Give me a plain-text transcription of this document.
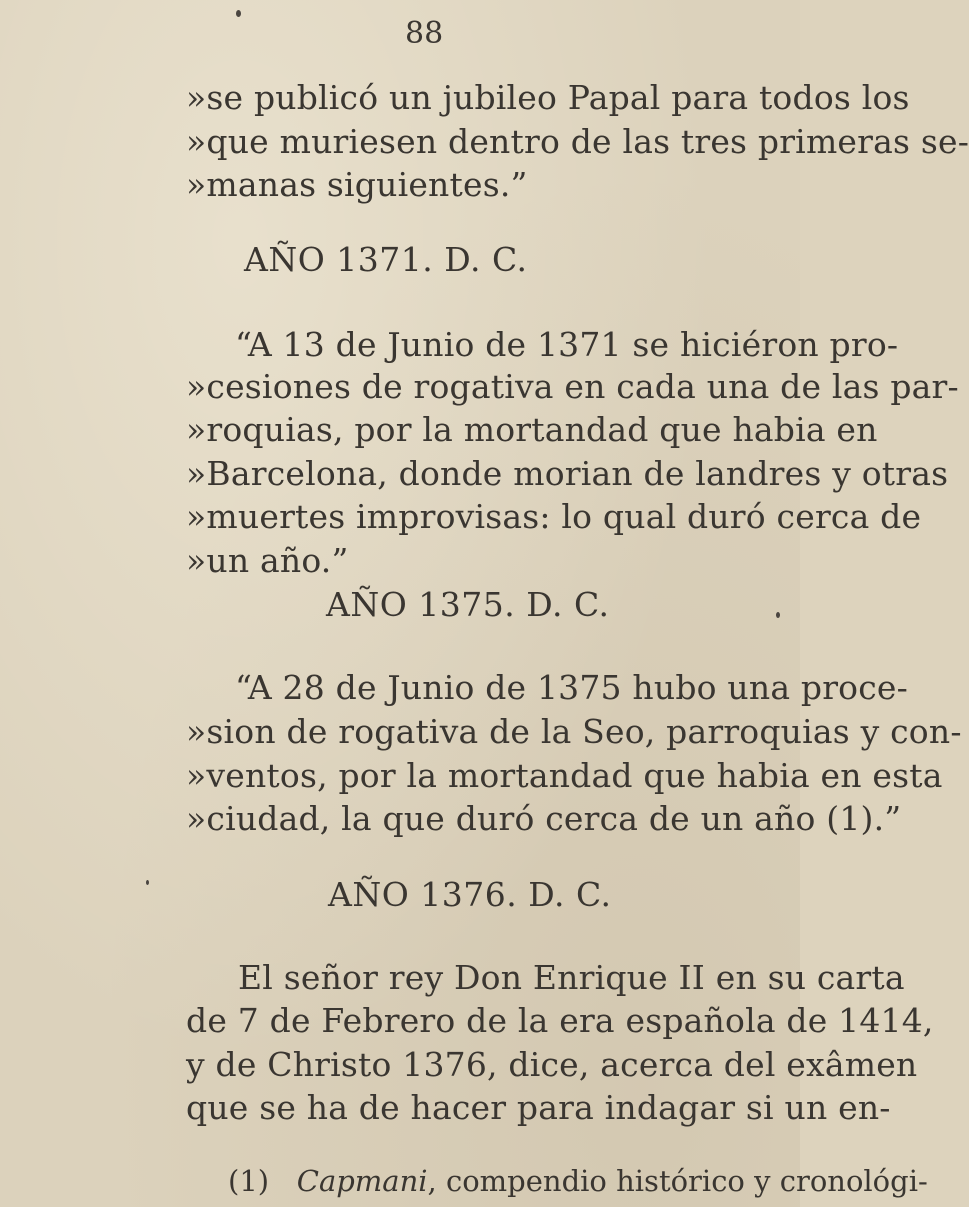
88
»se publicó un jubileo Papal para todos los
»que muriesen dentro de las tres primeras se-
»manas siguientes.”
AÑO 1371. D. C.
“A 13 de Junio de 1371 se hiciéron pro-
»cesiones de rogativa en cada una de las par-
»roquias, por la mortandad que habia en
»Barcelona, donde morian de landres y otras
»muertes improvisas: lo qual duró cerca de
»un año.”
AÑO 1375. D. C.
“A 28 de Junio de 1375 hubo una proce-
»sion de rogativa de la Seo, parroquias y con-
»ventos, por la mortandad que habia en esta
»ciudad, la que duró cerca de un año (1).”
AÑO 1376. D. C.
El señor rey Don Enrique II en su carta
de 7 de Febrero de la era española de 1414,
y de Christo 1376, dice, acerca del exâmen
que se ha de hacer para indagar si un en-
(1) Capmani, compendio histórico y cronológi-
